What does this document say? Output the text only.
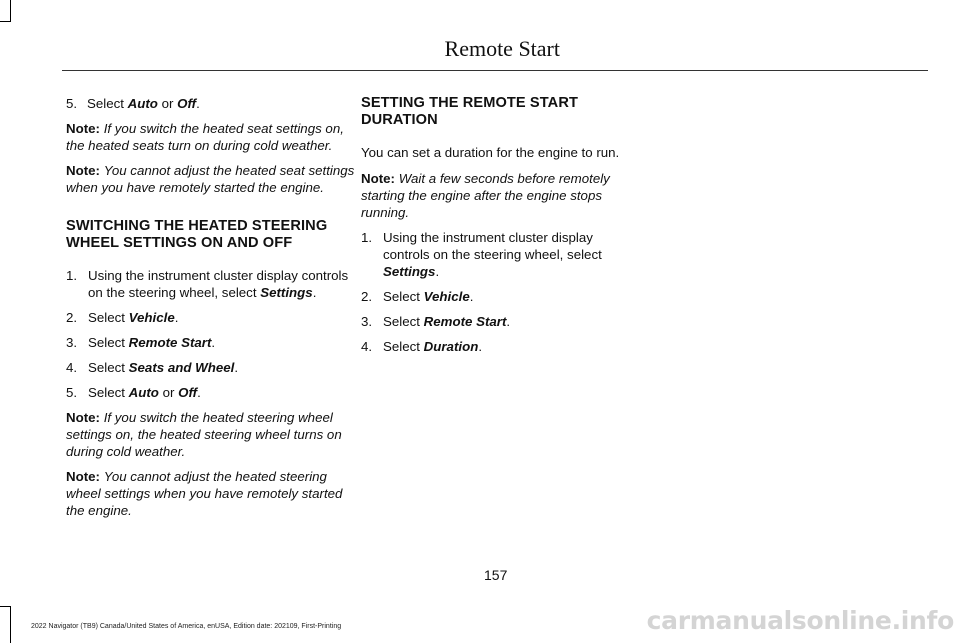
Remote Start
5. Select Auto or Off.

Note: If you switch the heated seat settings on, the heated seats turn on during cold weather.

Note: You cannot adjust the heated seat settings when you have remotely started the engine.

SWITCHING THE HEATED STEERING WHEEL SETTINGS ON AND OFF
1. Using the instrument cluster display controls on the steering wheel, select Settings.
2. Select Vehicle.
3. Select Remote Start.
4. Select Seats and Wheel.
5. Select Auto or Off.

Note: If you switch the heated steering wheel settings on, the heated steering wheel turns on during cold weather.

Note: You cannot adjust the heated steering wheel settings when you have remotely started the engine.

SETTING THE REMOTE START DURATION

You can set a duration for the engine to run.

Note: Wait a few seconds before remotely starting the engine after the engine stops running.

1. Using the instrument cluster display controls on the steering wheel, select Settings.
2. Select Vehicle.
3. Select Remote Start.
4. Select Duration.
157
2022 Navigator (TB9) Canada/United States of America, enUSA, Edition date: 202109, First-Printing	carmanualsonline.info
